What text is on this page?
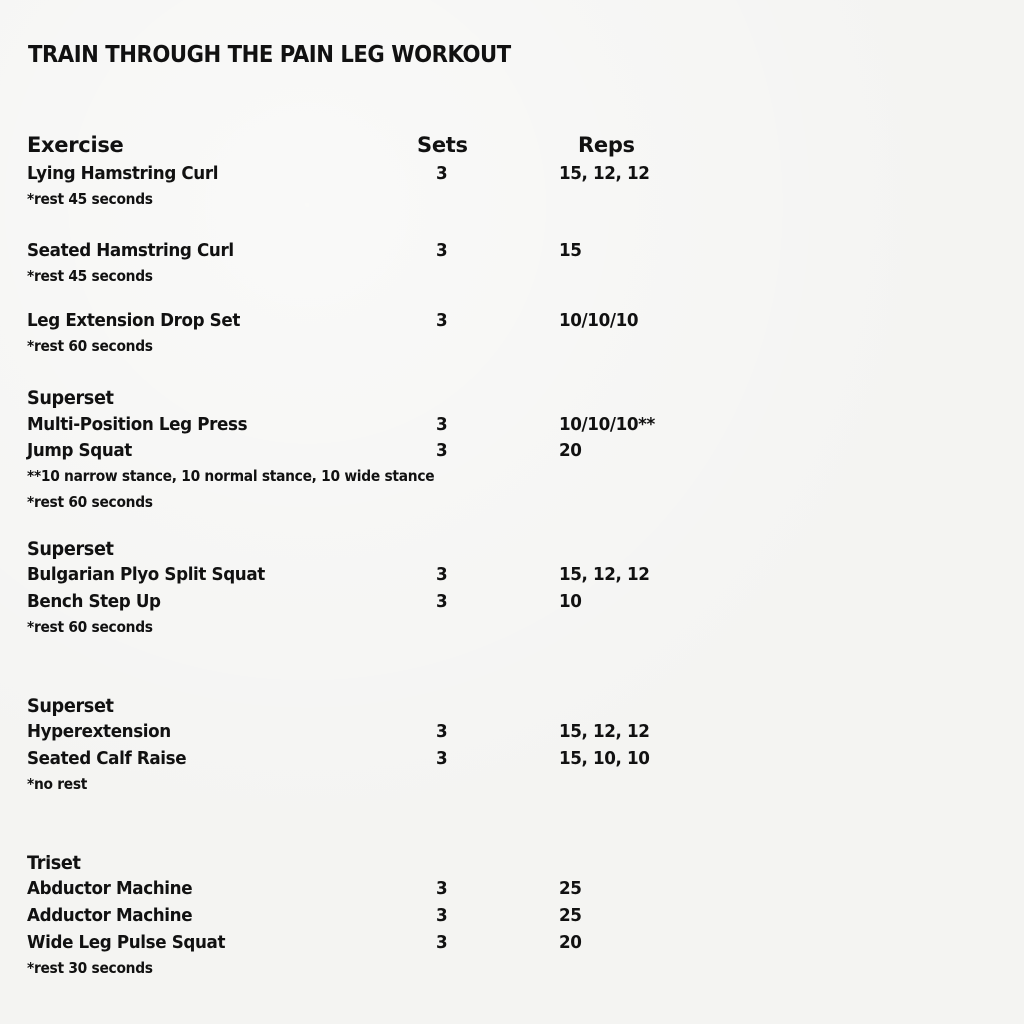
TRAIN THROUGH THE PAIN LEG WORKOUT
Exercise	Sets	Reps
Lying Hamstring Curl	3	15, 12, 12
*rest 45 seconds
Seated Hamstring Curl	3	15
*rest 45 seconds
Leg Extension Drop Set	3	10/10/10
*rest 60 seconds
Superset
Multi-Position Leg Press	3	10/10/10**
Jump Squat	3	20
**10 narrow stance, 10 normal stance, 10 wide stance
*rest 60 seconds
Superset
Bulgarian Plyo Split Squat	3	15, 12, 12
Bench Step Up	3	10
*rest 60 seconds
Superset
Hyperextension	3	15, 12, 12
Seated Calf Raise	3	15, 10, 10
*no rest
Triset
Abductor Machine	3	25
Adductor Machine	3	25
Wide Leg Pulse Squat	3	20
*rest 30 seconds
